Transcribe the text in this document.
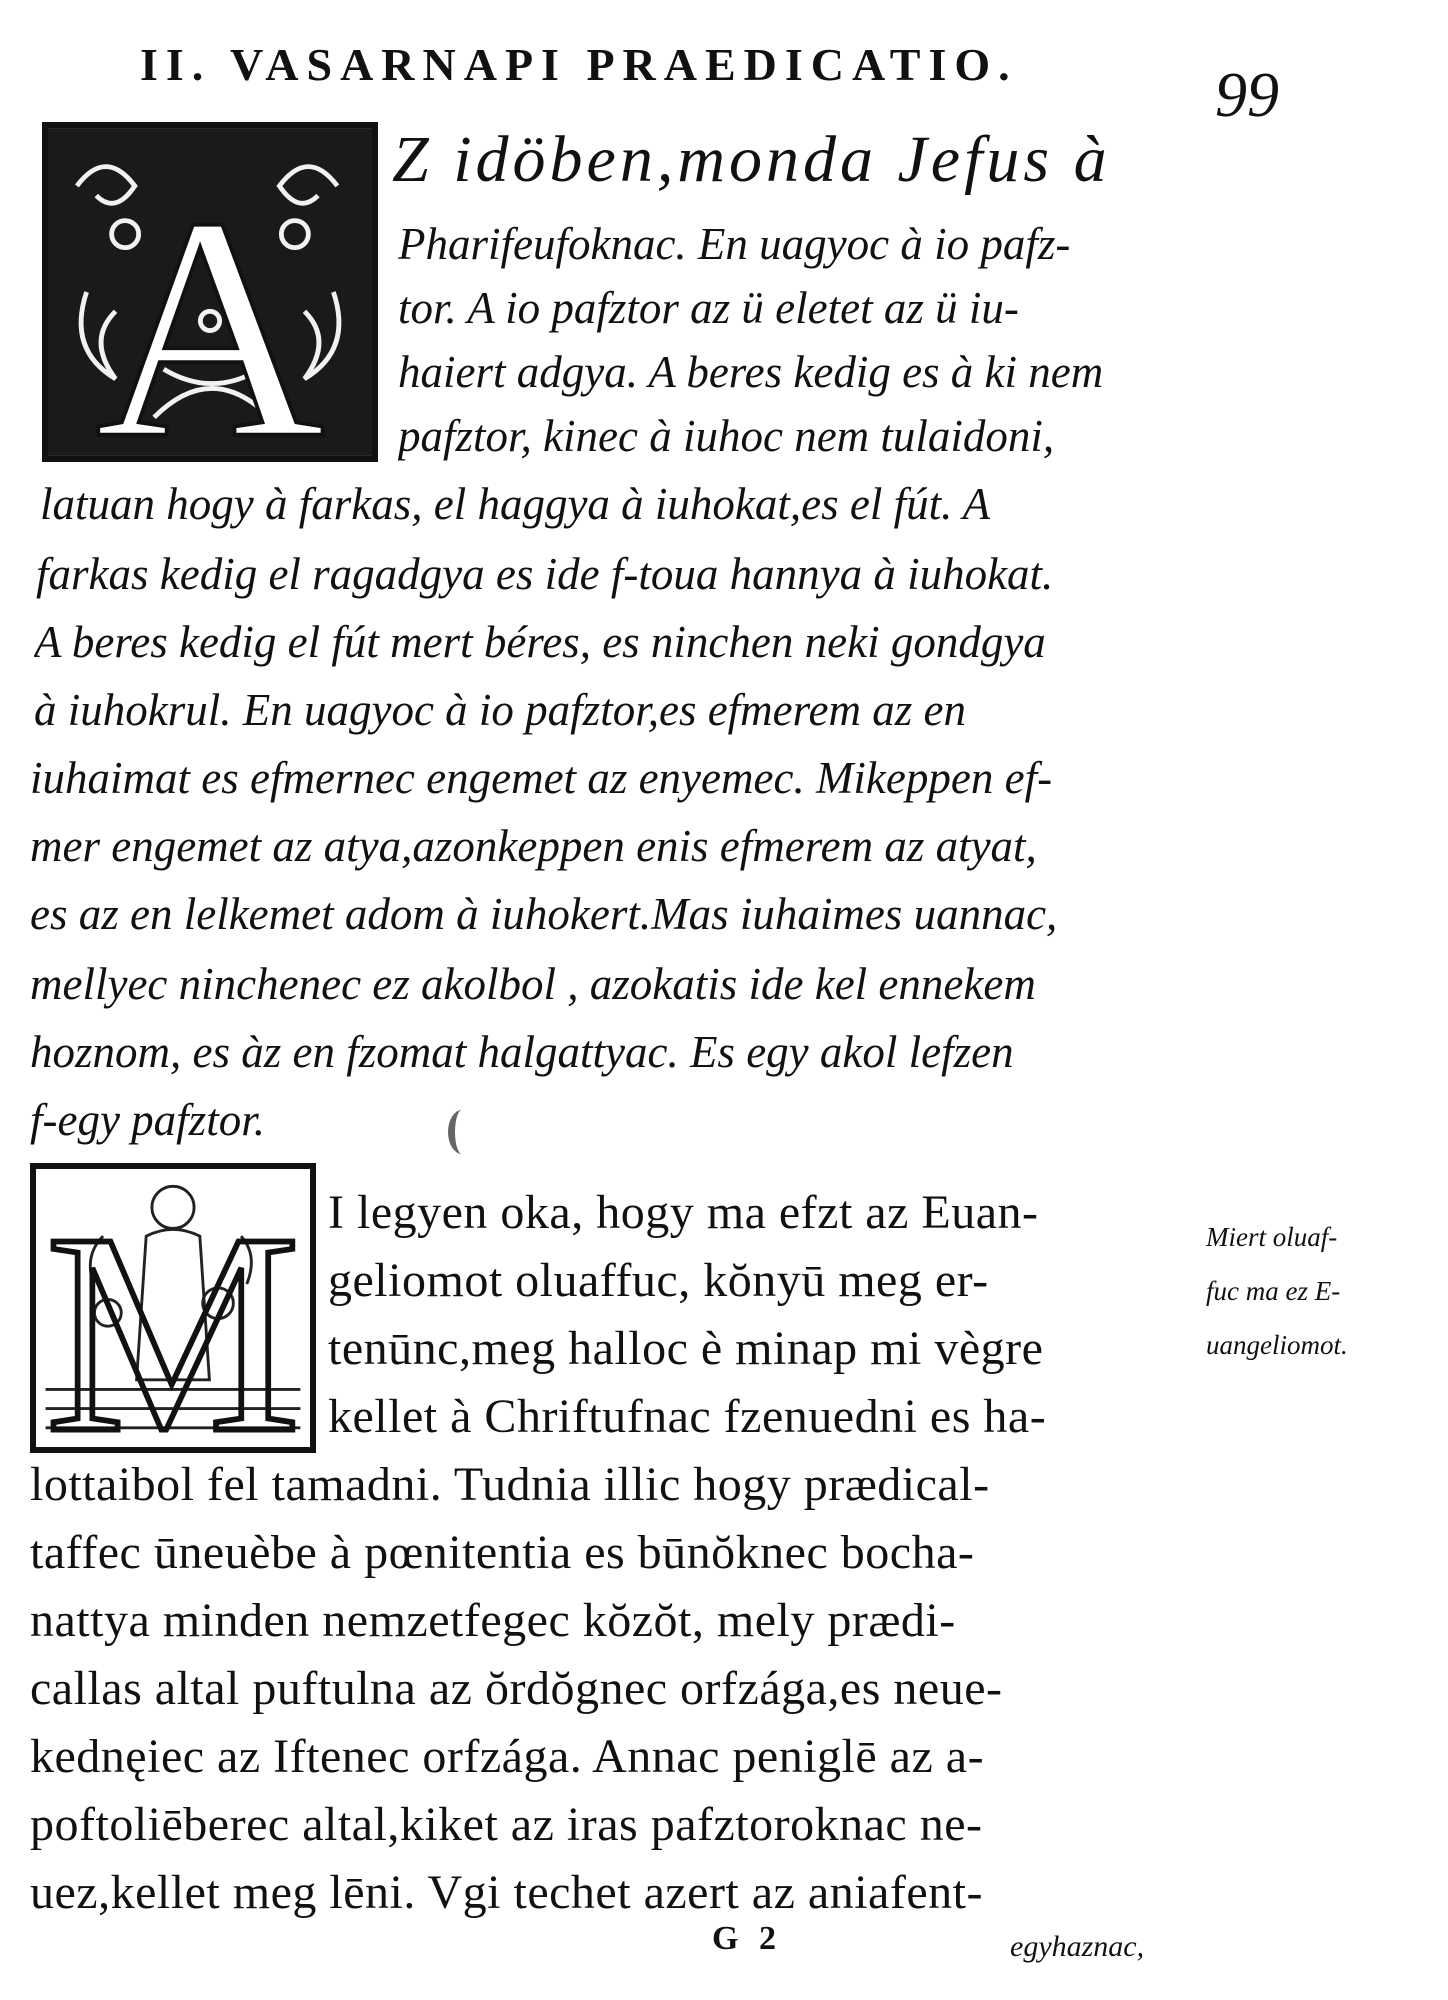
II. VASARNAPI PRAEDICATIO.	99
A
M
Z idöben,monda Jefus à
Pharifeufoknac. En uagyoc à io pafz-
tor. A io pafztor az ü eletet az ü iu-
haiert adgya. A beres kedig es à ki nem
pafztor, kinec à iuhoc nem tulaidoni,
latuan hogy à farkas, el haggya à iuhokat,es el fút. A
farkas kedig el ragadgya es ide f-toua hannya à iuhokat.
A beres kedig el fút mert béres, es ninchen neki gondgya
à iuhokrul. En uagyoc à io pafztor,es efmerem az en
iuhaimat es efmernec engemet az enyemec. Mikeppen ef-
mer engemet az atya,azonkeppen enis efmerem az atyat,
es az en lelkemet adom à iuhokert.Mas iuhaimes uannac,
mellyec ninchenec ez akolbol , azokatis ide kel ennekem
hoznom, es àz en fzomat halgattyac. Es egy akol lefzen
f-egy pafztor.
I legyen oka, hogy ma efzt az Euan-
geliomot oluaffuc, kŏnyū meg er-
tenūnc,meg halloc è minap mi vègre
kellet à Chriftufnac fzenuedni es ha-
lottaibol fel tamadni. Tudnia illic hogy prædical-
taffec ūneuèbe à pœnitentia es būnŏknec bocha-
nattya minden nemzetfegec kŏzŏt, mely prædi-
callas altal puftulna az ŏrdŏgnec orfzága,es neue-
kednęiec az Iftenec orfzága. Annac peniglē az a-
poftoliēberec altal,kiket az iras pafztoroknac ne-
uez,kellet meg lēni. Vgi techet azert az aniafent-
Miert oluaf-
fuc ma ez E-
uangeliomot.
G 2	egyhaznac,
